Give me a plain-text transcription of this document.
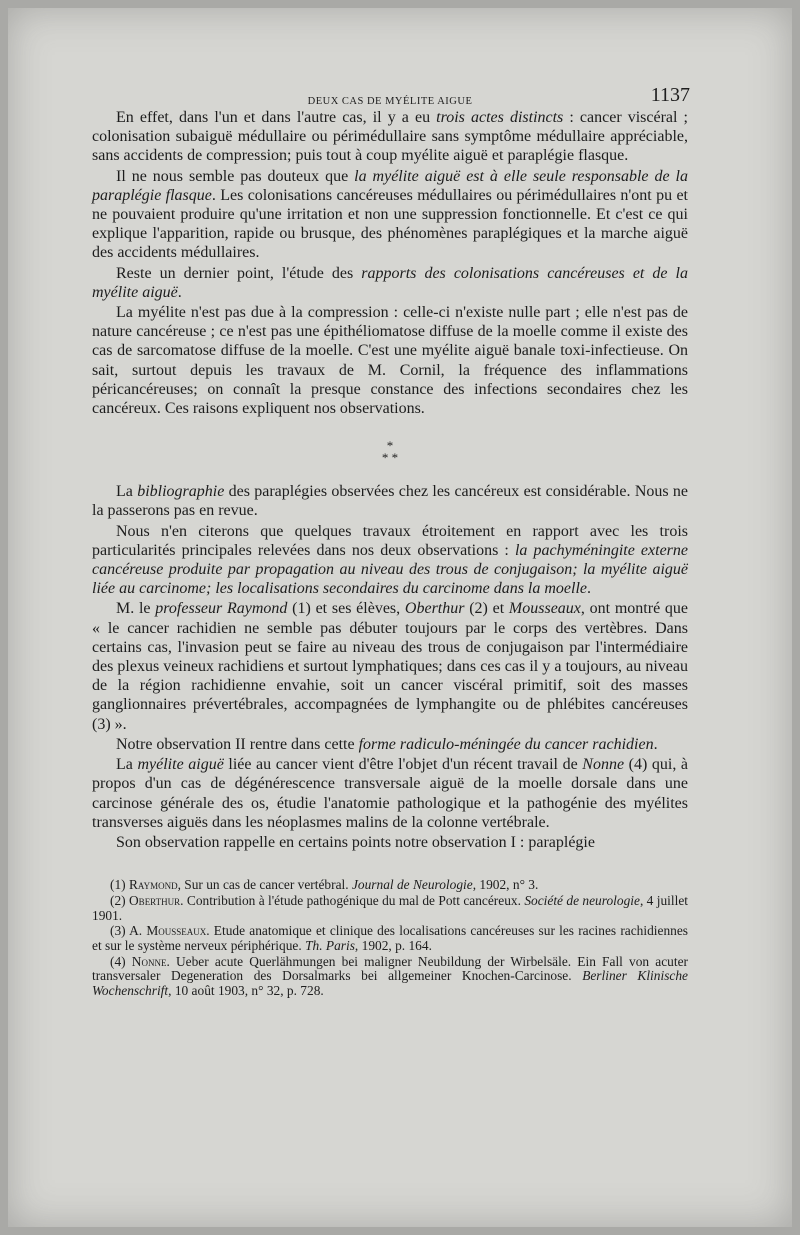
DEUX CAS DE MYÉLITE AIGUE	1137

En effet, dans l'un et dans l'autre cas, il y a eu trois actes distincts : cancer viscéral ; colonisation subaiguë médullaire ou périmédullaire sans symptôme médullaire appréciable, sans accidents de compression; puis tout à coup myélite aiguë et paraplégie flasque.

Il ne nous semble pas douteux que la myélite aiguë est à elle seule responsable de la paraplégie flasque. Les colonisations cancéreuses médullaires ou périmédullaires n'ont pu et ne pouvaient produire qu'une irritation et non une suppression fonctionnelle. Et c'est ce qui explique l'apparition, rapide ou brusque, des phénomènes paraplégiques et la marche aiguë des accidents médullaires.

Reste un dernier point, l'étude des rapports des colonisations cancéreuses et de la myélite aiguë.

La myélite n'est pas due à la compression : celle-ci n'existe nulle part ; elle n'est pas de nature cancéreuse ; ce n'est pas une épithéliomatose diffuse de la moelle comme il existe des cas de sarcomatose diffuse de la moelle. C'est une myélite aiguë banale toxi-infectieuse. On sait, surtout depuis les travaux de M. Cornil, la fréquence des inflammations péricancéreuses; on connaît la presque constance des infections secondaires chez les cancéreux. Ces raisons expliquent nos observations.

*
* *

La bibliographie des paraplégies observées chez les cancéreux est considérable. Nous ne la passerons pas en revue.

Nous n'en citerons que quelques travaux étroitement en rapport avec les trois particularités principales relevées dans nos deux observations : la pachyméningite externe cancéreuse produite par propagation au niveau des trous de conjugaison; la myélite aiguë liée au carcinome; les localisations secondaires du carcinome dans la moelle.

M. le professeur Raymond (1) et ses élèves, Oberthur (2) et Mousseaux, ont montré que « le cancer rachidien ne semble pas débuter toujours par le corps des vertèbres. Dans certains cas, l'invasion peut se faire au niveau des trous de conjugaison par l'intermédiaire des plexus veineux rachidiens et surtout lymphatiques; dans ces cas il y a toujours, au niveau de la région rachidienne envahie, soit un cancer viscéral primitif, soit des masses ganglionnaires prévertébrales, accompagnées de lymphangite ou de phlébites cancéreuses (3) ».

Notre observation II rentre dans cette forme radiculo-méningée du cancer rachidien.

La myélite aiguë liée au cancer vient d'être l'objet d'un récent travail de Nonne (4) qui, à propos d'un cas de dégénérescence transversale aiguë de la moelle dorsale dans une carcinose générale des os, étudie l'anatomie pathologique et la pathogénie des myélites transverses aiguës dans les néoplasmes malins de la colonne vertébrale.

Son observation rappelle en certains points notre observation I : paraplégie

(1) Raymond, Sur un cas de cancer vertébral. Journal de Neurologie, 1902, n° 3.

(2) Oberthur. Contribution à l'étude pathogénique du mal de Pott cancéreux. Société de neurologie, 4 juillet 1901.

(3) A. Mousseaux. Etude anatomique et clinique des localisations cancéreuses sur les racines rachidiennes et sur le système nerveux périphérique. Th. Paris, 1902, p. 164.

(4) Nonne. Ueber acute Querlähmungen bei maligner Neubildung der Wirbelsäle. Ein Fall von acuter transversaler Degeneration des Dorsalmarks bei allgemeiner Knochen-Carcinose. Berliner Klinische Wochenschrift, 10 août 1903, n° 32, p. 728.
